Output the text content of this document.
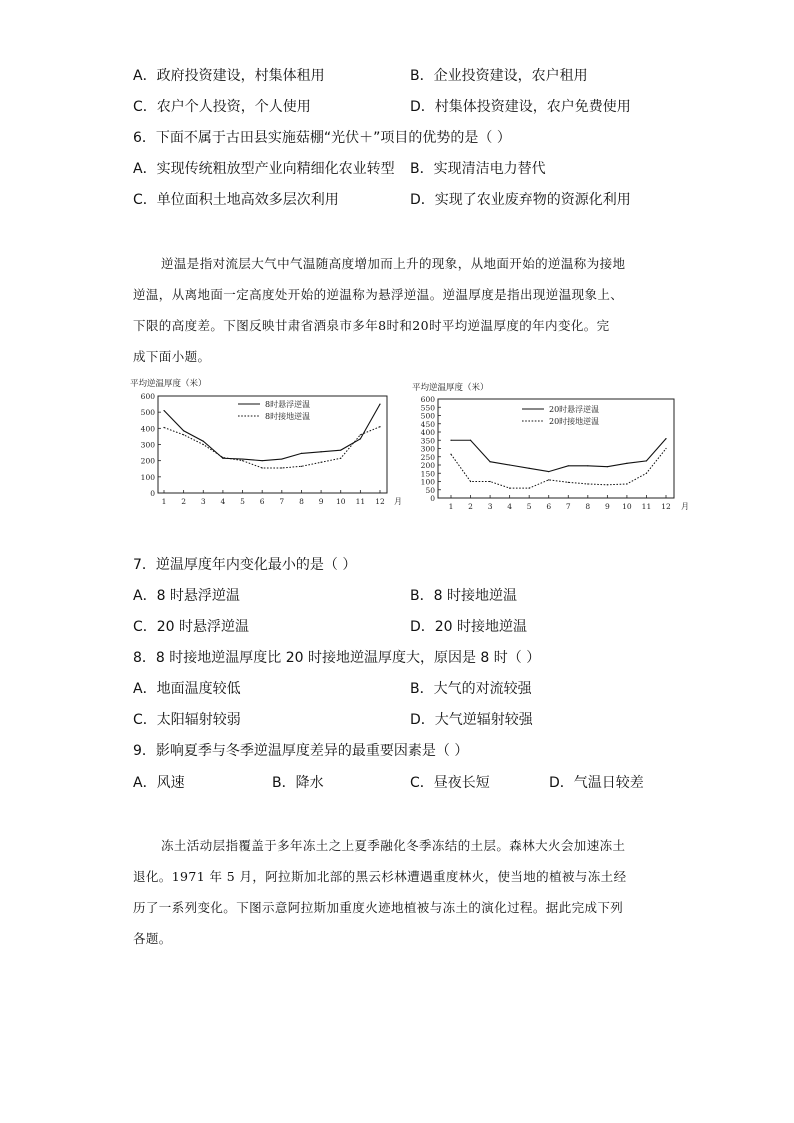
A．政府投资建设，村集体租用	B．企业投资建设，农户租用
C．农户个人投资，个人使用	D．村集体投资建设，农户免费使用
6．下面不属于古田县实施菇棚“光伏＋”项目的优势的是（ ）
A．实现传统粗放型产业向精细化农业转型 B．实现清洁电力替代
C．单位面积土地高效多层次利用	D．实现了农业废弃物的资源化利用

逆温是指对流层大气中气温随高度增加而上升的现象，从地面开始的逆温称为接地

逆温，从离地面一定高度处开始的逆温称为悬浮逆温。逆温厚度是指出现逆温现象上、

下限的高度差。下图反映甘肃省酒泉市多年8时和20时平均逆温厚度的年内变化。完

成下面小题。

平均逆温厚度（米）
0
100
200
300
400
500
600
1 2 3 4 5 6 7 8 9 10 11 12 月
8时悬浮逆温
8时接地逆温
平均逆温厚度（米）
0
50
100
150
200
250
300
350
400
450
500
550
600
1 2 3 4 5 6 7 8 9 10 11 12 月
20时悬浮逆温
20时接地逆温
7．逆温厚度年内变化最小的是（ ）
A．8 时悬浮逆温	B．8 时接地逆温
C．20 时悬浮逆温	D．20 时接地逆温
8．8 时接地逆温厚度比 20 时接地逆温厚度大，原因是 8 时（ ）
A．地面温度较低	B．大气的对流较强
C．太阳辐射较弱	D．大气逆辐射较强
9．影响夏季与冬季逆温厚度差异的最重要因素是（ ）
A．风速	B．降水	C．昼夜长短	D．气温日较差

冻土活动层指覆盖于多年冻土之上夏季融化冬季冻结的土层。森林大火会加速冻土

退化。1971 年 5 月，阿拉斯加北部的黑云杉林遭遇重度林火，使当地的植被与冻土经

历了一系列变化。下图示意阿拉斯加重度火迹地植被与冻土的演化过程。据此完成下列

各题。
